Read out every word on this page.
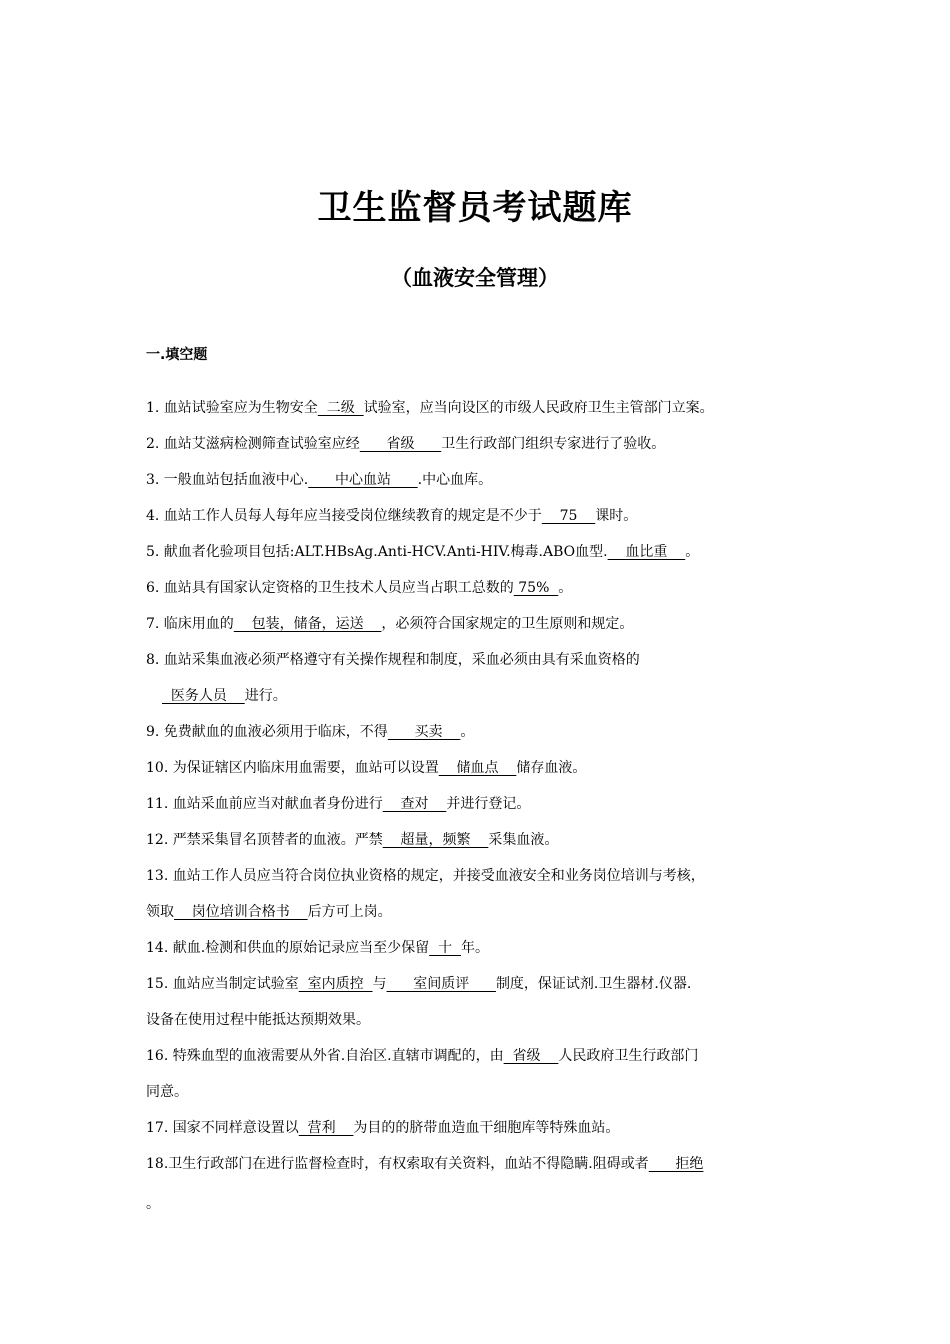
卫生监督员考试题库
（血液安全管理）
一.填空题
1. 血站试验室应为生物安全  二级  试验室，应当向设区的市级人民政府卫生主管部门立案。
2. 血站艾滋病检测筛查试验室应经      省级      卫生行政部门组织专家进行了验收。
3. 一般血站包括血液中心.      中心血站      .中心血库。
4. 血站工作人员每人每年应当接受岗位继续教育的规定是不少于    75    课时。
5. 献血者化验项目包括:ALT.HBsAg.Anti-HCV.Anti-HIV.梅毒.ABO血型.    血比重    。
6. 血站具有国家认定资格的卫生技术人员应当占职工总数的 75%  。
7. 临床用血的    包装，储备，运送    ，必须符合国家规定的卫生原则和规定。
8. 血站采集血液必须严格遵守有关操作规程和制度，采血必须由具有采血资格的
医务人员    进行。
9. 免费献血的血液必须用于临床，不得      买卖    。
10. 为保证辖区内临床用血需要，血站可以设置    储血点    储存血液。
11. 血站采血前应当对献血者身份进行    查对    并进行登记。
12. 严禁采集冒名顶替者的血液。严禁    超量，频繁    采集血液。
13. 血站工作人员应当符合岗位执业资格的规定，并接受血液安全和业务岗位培训与考核，
领取    岗位培训合格书    后方可上岗。
14. 献血.检测和供血的原始记录应当至少保留  十  年。
15. 血站应当制定试验室  室内质控  与      室间质评      制度，保证试剂.卫生器材.仪器.
设备在使用过程中能抵达预期效果。
16. 特殊血型的血液需要从外省.自治区.直辖市调配的，由  省级    人民政府卫生行政部门
同意。
17. 国家不同样意设置以  营利    为目的的脐带血造血干细胞库等特殊血站。
18.卫生行政部门在进行监督检查时，有权索取有关资料，血站不得隐瞒.阻碍或者      拒绝
。
